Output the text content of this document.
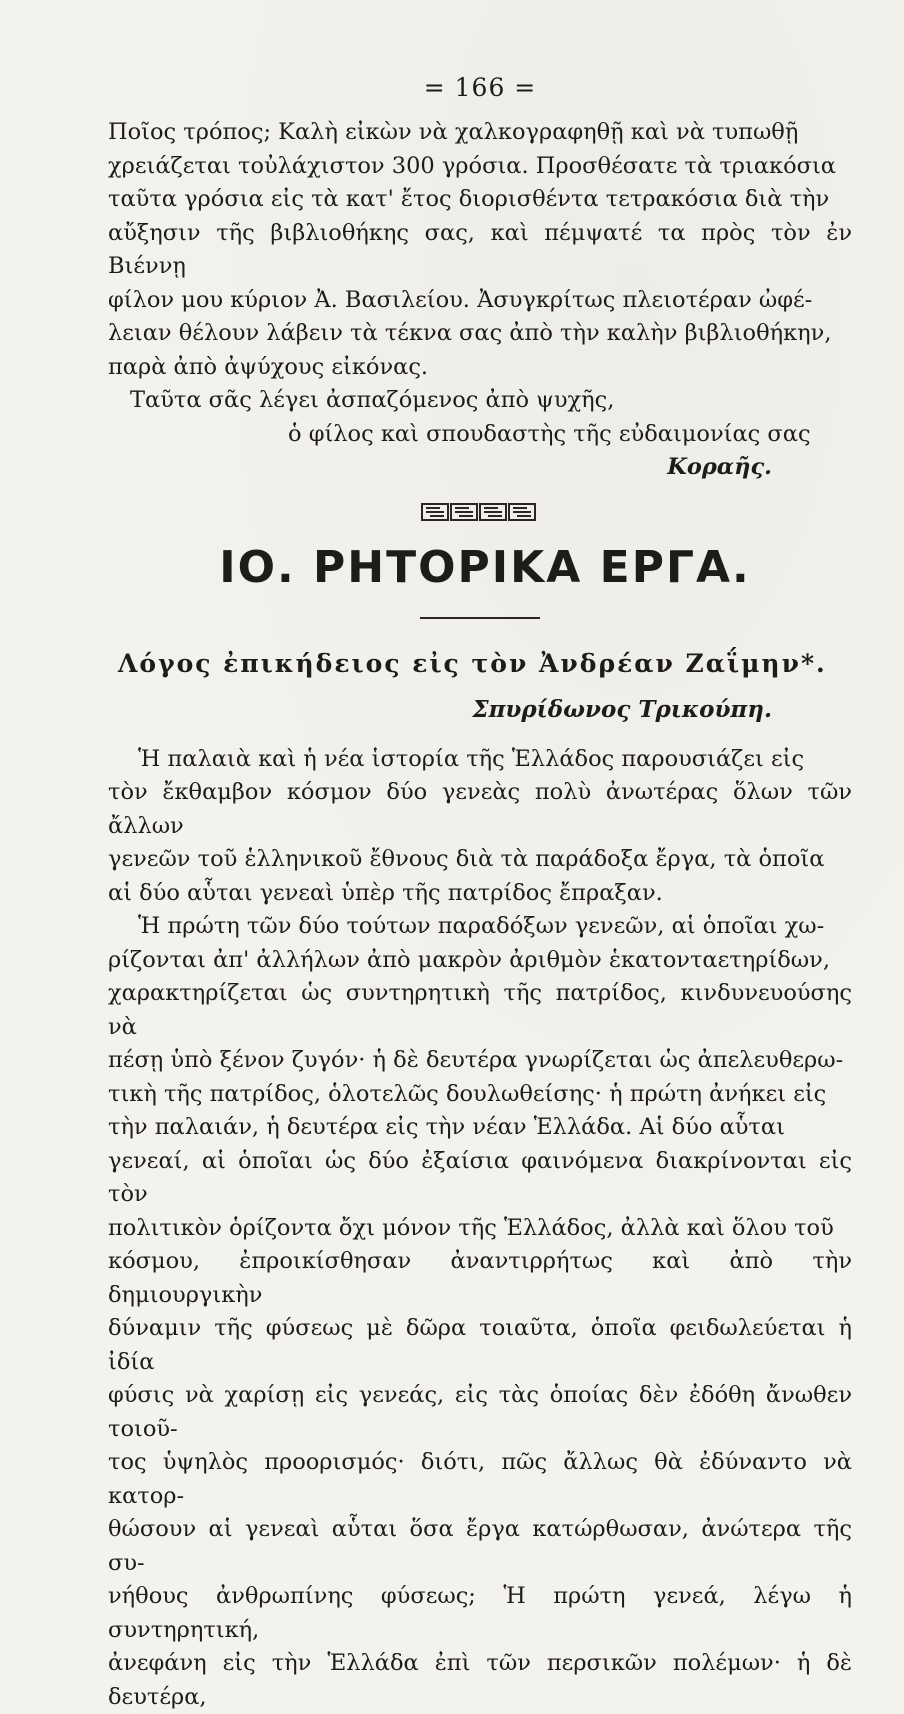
= 166 =

Ποῖος τρόπος; Καλὴ εἰκὼν νὰ χαλκογραφηθῇ καὶ νὰ τυπωθῇ
χρειάζεται τοὐλάχιστον 300 γρόσια. Προσθέσατε τὰ τριακόσια
ταῦτα γρόσια εἰς τὰ κατ' ἔτος διορισθέντα τετρακόσια διὰ τὴν
αὔξησιν τῆς βιβλιοθήκης σας, καὶ πέμψατέ τα πρὸς τὸν ἐν Βιέννῃ
φίλον μου κύριον Ἀ. Βασιλείου. Ἀσυγκρίτως πλειοτέραν ὠφέ-
λειαν θέλουν λάβειν τὰ τέκνα σας ἀπὸ τὴν καλὴν βιβλιοθήκην,
παρὰ ἀπὸ ἀψύχους εἰκόνας.

Ταῦτα σᾶς λέγει ἀσπαζόμενος ἀπὸ ψυχῆς,
ὁ φίλος καὶ σπουδαστὴς τῆς εὐδαιμονίας σας
Κοραῆς.
ΙΟ. ΡΗΤΟΡΙΚΑ ΕΡΓΑ.
Λόγος ἐπικήδειος εἰς τὸν Ἀνδρέαν Ζαΐμην*.
Σπυρίδωνος Τρικούπη.

Ἡ παλαιὰ καὶ ἡ νέα ἱστορία τῆς Ἑλλάδος παρουσιάζει εἰς
τὸν ἔκθαμβον κόσμον δύο γενεὰς πολὺ ἀνωτέρας ὅλων τῶν ἄλλων
γενεῶν τοῦ ἑλληνικοῦ ἔθνους διὰ τὰ παράδοξα ἔργα, τὰ ὁποῖα
αἱ δύο αὗται γενεαὶ ὑπὲρ τῆς πατρίδος ἔπραξαν.

Ἡ πρώτη τῶν δύο τούτων παραδόξων γενεῶν, αἱ ὁποῖαι χω-
ρίζονται ἀπ' ἀλλήλων ἀπὸ μακρὸν ἀριθμὸν ἑκατονταετηρίδων,
χαρακτηρίζεται ὡς συντηρητικὴ τῆς πατρίδος, κινδυνευούσης νὰ
πέσῃ ὑπὸ ξένον ζυγόν· ἡ δὲ δευτέρα γνωρίζεται ὡς ἀπελευθερω-
τικὴ τῆς πατρίδος, ὁλοτελῶς δουλωθείσης· ἡ πρώτη ἀνήκει εἰς
τὴν παλαιάν, ἡ δευτέρα εἰς τὴν νέαν Ἑλλάδα. Αἱ δύο αὗται
γενεαί, αἱ ὁποῖαι ὡς δύο ἐξαίσια φαινόμενα διακρίνονται εἰς τὸν
πολιτικὸν ὁρίζοντα ὄχι μόνον τῆς Ἑλλάδος, ἀλλὰ καὶ ὅλου τοῦ
κόσμου, ἐπροικίσθησαν ἀναντιρρήτως καὶ ἀπὸ τὴν δημιουργικὴν
δύναμιν τῆς φύσεως μὲ δῶρα τοιαῦτα, ὁποῖα φειδωλεύεται ἡ ἰδία
φύσις νὰ χαρίσῃ εἰς γενεάς, εἰς τὰς ὁποίας δὲν ἐδόθη ἄνωθεν τοιοῦ-
τος ὑψηλὸς προορισμός· διότι, πῶς ἄλλως θὰ ἐδύναντο νὰ κατορ-
θώσουν αἱ γενεαὶ αὗται ὅσα ἔργα κατώρθωσαν, ἀνώτερα τῆς συ-
νήθους ἀνθρωπίνης φύσεως; Ἡ πρώτη γενεά, λέγω ἡ συντηρητική,
ἀνεφάνη εἰς τὴν Ἑλλάδα ἐπὶ τῶν περσικῶν πολέμων· ἡ δὲ δευτέρα,
